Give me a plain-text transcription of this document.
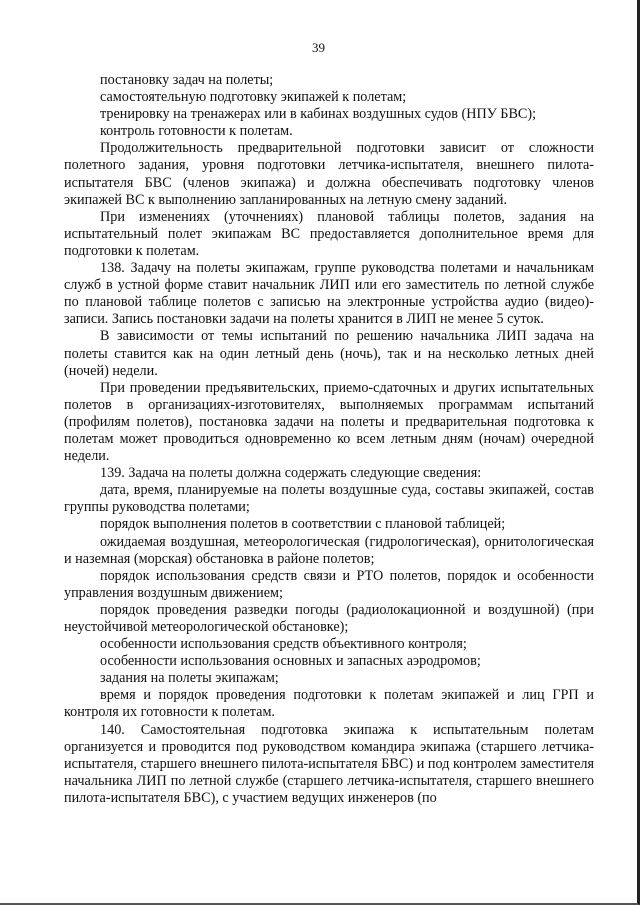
39

постановку задач на полеты;

самостоятельную подготовку экипажей к полетам;

тренировку на тренажерах или в кабинах воздушных судов (НПУ БВС);

контроль готовности к полетам.

Продолжительность предварительной подготовки зависит от сложности полетного задания, уровня подготовки летчика-испытателя, внешнего пилота-испытателя БВС (членов экипажа) и должна обеспечивать подготовку членов экипажей ВС к выполнению запланированных на летную смену заданий.

При изменениях (уточнениях) плановой таблицы полетов, задания на испытательный полет экипажам ВС предоставляется дополнительное время для подготовки к полетам.

138. Задачу на полеты экипажам, группе руководства полетами и начальникам служб в устной форме ставит начальник ЛИП или его заместитель по летной службе по плановой таблице полетов с записью на электронные устройства аудио (видео)-записи. Запись постановки задачи на полеты хранится в ЛИП не менее 5 суток.

В зависимости от темы испытаний по решению начальника ЛИП задача на полеты ставится как на один летный день (ночь), так и на несколько летных дней (ночей) недели.

При проведении предъявительских, приемо-сдаточных и других испытательных полетов в организациях-изготовителях, выполняемых программам испытаний (профилям полетов), постановка задачи на полеты и предварительная подготовка к полетам может проводиться одновременно ко всем летным дням (ночам) очередной недели.

139. Задача на полеты должна содержать следующие сведения:

дата, время, планируемые на полеты воздушные суда, составы экипажей, состав группы руководства полетами;

порядок выполнения полетов в соответствии с плановой таблицей;

ожидаемая воздушная, метеорологическая (гидрологическая), орнитологическая и наземная (морская) обстановка в районе полетов;

порядок использования средств связи и РТО полетов, порядок и особенности управления воздушным движением;

порядок проведения разведки погоды (радиолокационной и воздушной) (при неустойчивой метеорологической обстановке);

особенности использования средств объективного контроля;

особенности использования основных и запасных аэродромов;

задания на полеты экипажам;

время и порядок проведения подготовки к полетам экипажей и лиц ГРП и контроля их готовности к полетам.

140. Самостоятельная подготовка экипажа к испытательным полетам организуется и проводится под руководством командира экипажа (старшего летчика-испытателя, старшего внешнего пилота-испытателя БВС) и под контролем заместителя начальника ЛИП по летной службе (старшего летчика-испытателя, старшего внешнего пилота-испытателя БВС), с участием ведущих инженеров (по
